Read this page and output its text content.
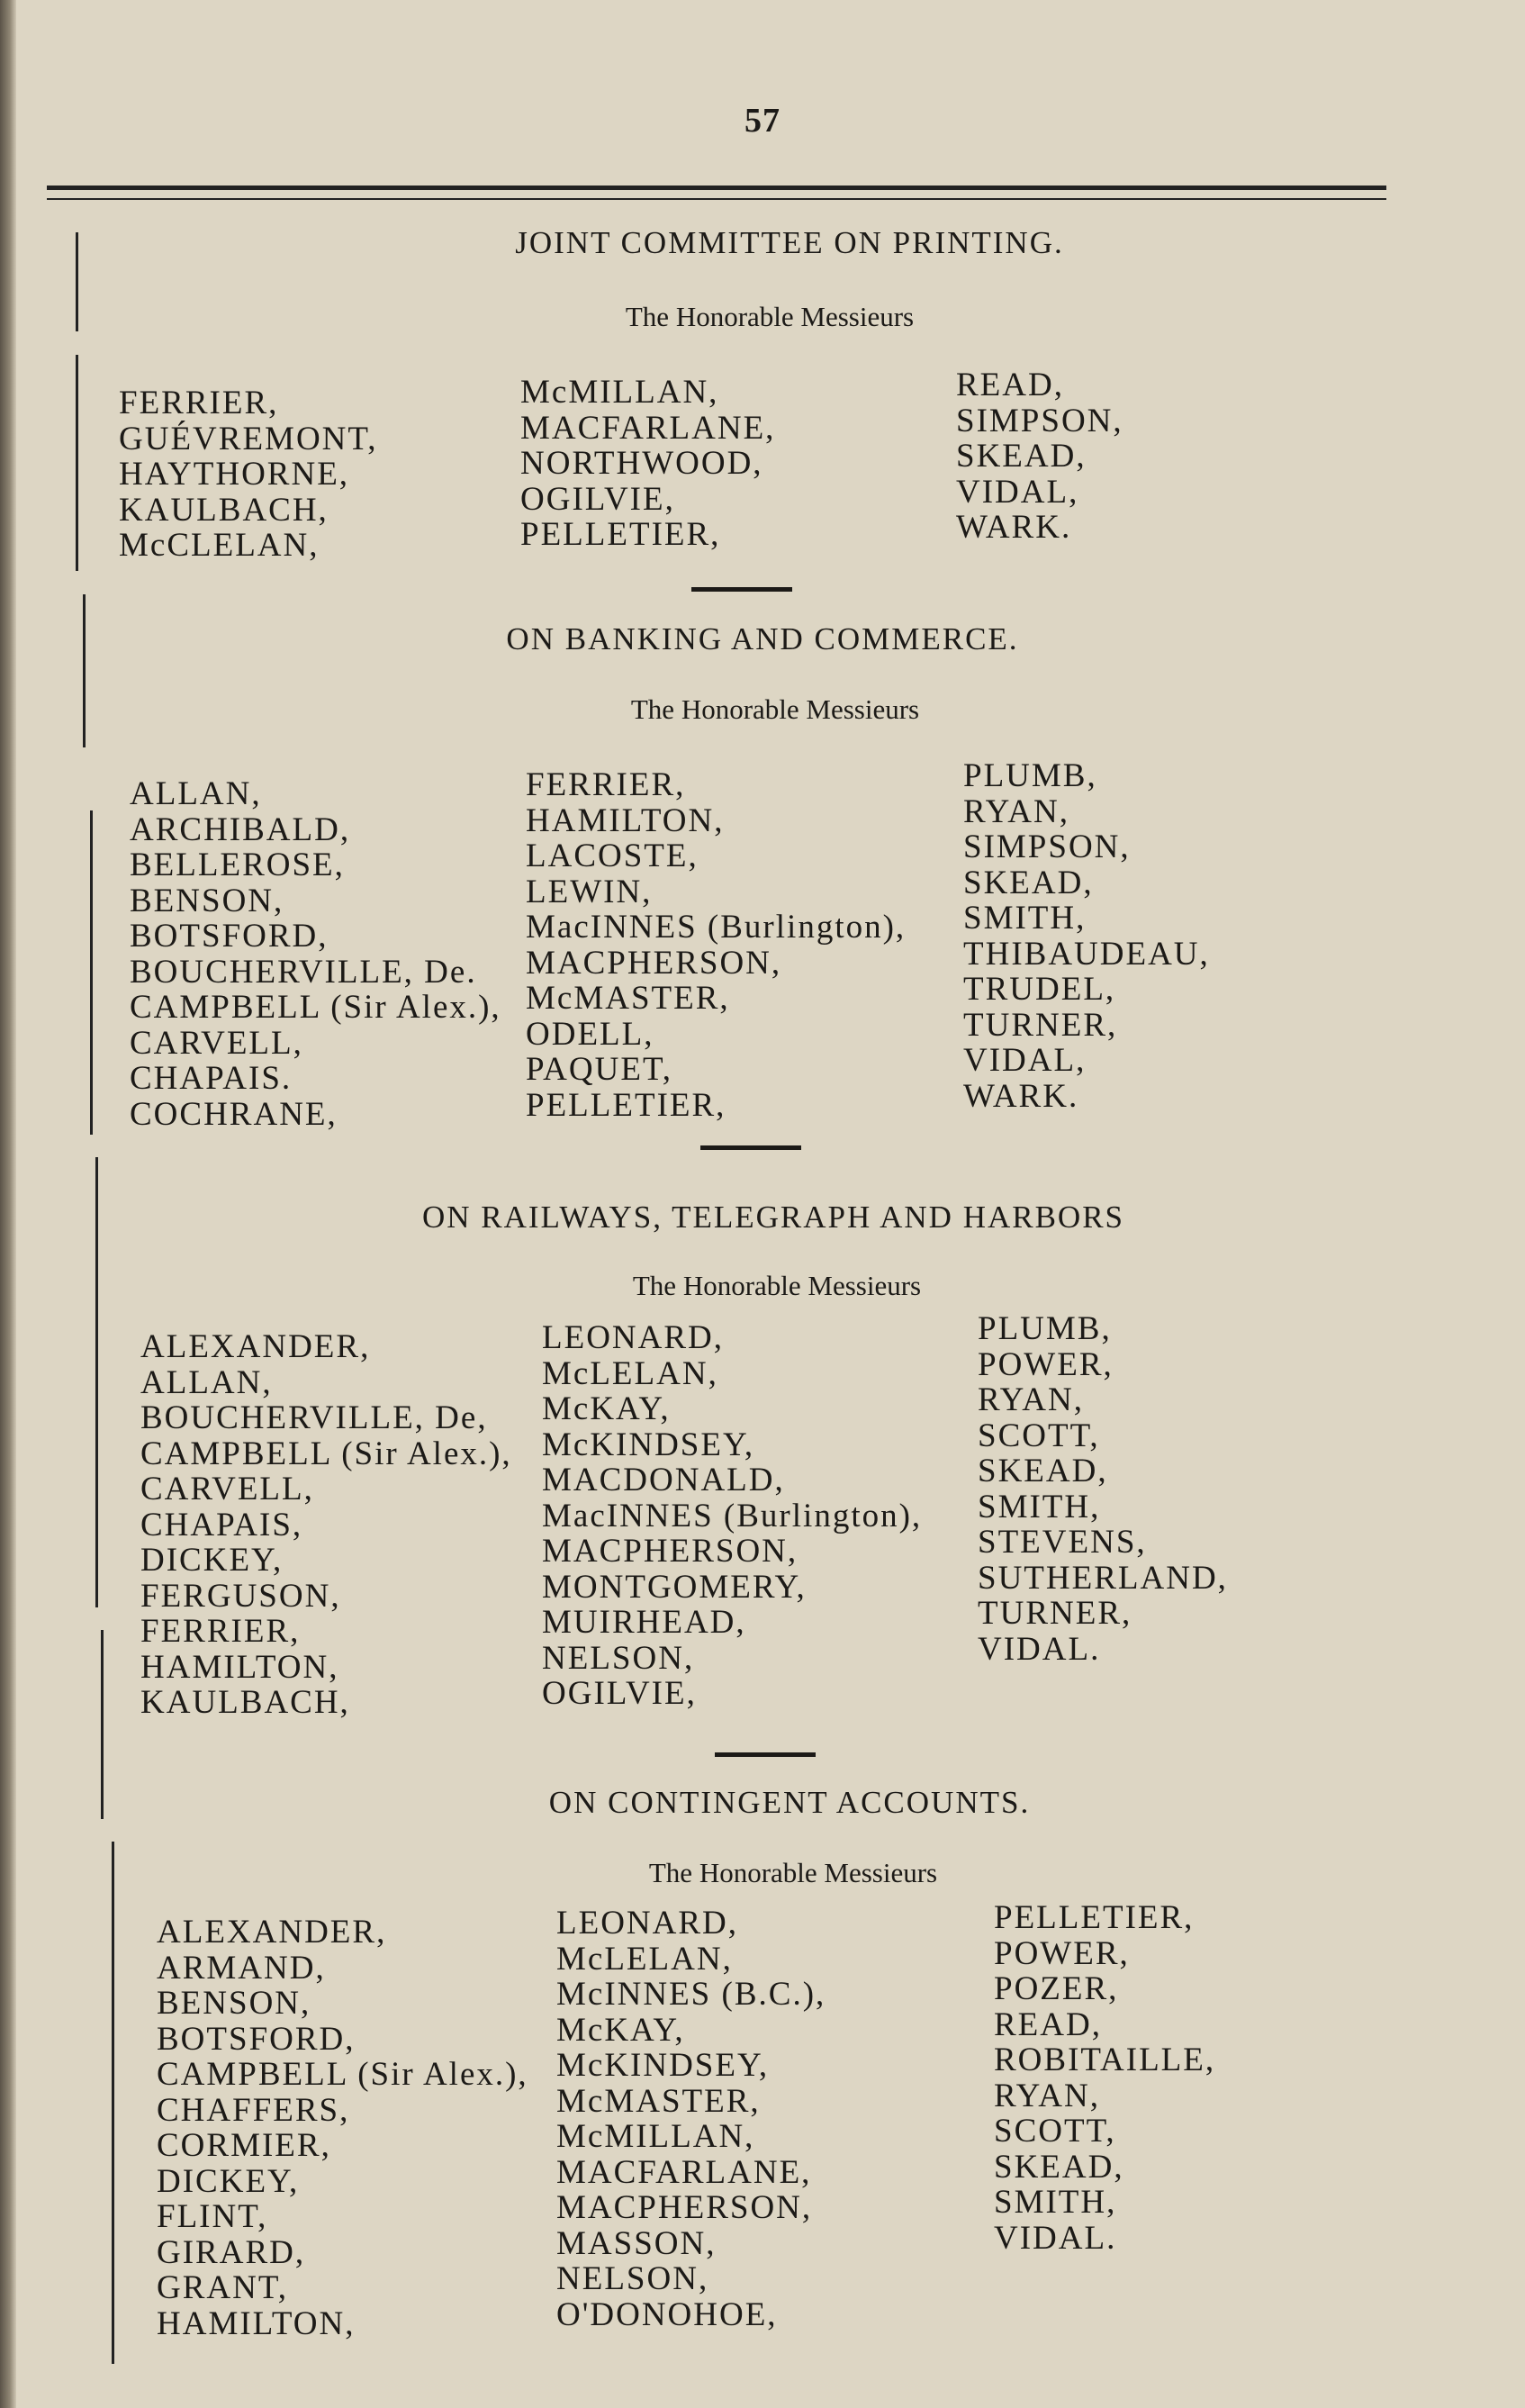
57
JOINT COMMITTEE ON PRINTING.
The Honorable Messieurs
FERRIER,
GUÉVREMONT,
HAYTHORNE,
KAULBACH,
McCLELAN,
McMILLAN,
MACFARLANE,
NORTHWOOD,
OGILVIE,
PELLETIER,
READ,
SIMPSON,
SKEAD,
VIDAL,
WARK.
ON BANKING AND COMMERCE.
The Honorable Messieurs
ALLAN,
ARCHIBALD,
BELLEROSE,
BENSON,
BOTSFORD,
BOUCHERVILLE, De.
CAMPBELL (Sir Alex.),
CARVELL,
CHAPAIS.
COCHRANE,
FERRIER,
HAMILTON,
LACOSTE,
LEWIN,
MacINNES (Burlington),
MACPHERSON,
McMASTER,
ODELL,
PAQUET,
PELLETIER,
PLUMB,
RYAN,
SIMPSON,
SKEAD,
SMITH,
THIBAUDEAU,
TRUDEL,
TURNER,
VIDAL,
WARK.
ON RAILWAYS, TELEGRAPH AND HARBORS
The Honorable Messieurs
ALEXANDER,
ALLAN,
BOUCHERVILLE, De,
CAMPBELL (Sir Alex.),
CARVELL,
CHAPAIS,
DICKEY,
FERGUSON,
FERRIER,
HAMILTON,
KAULBACH,
LEONARD,
McLELAN,
McKAY,
McKINDSEY,
MACDONALD,
MacINNES (Burlington),
MACPHERSON,
MONTGOMERY,
MUIRHEAD,
NELSON,
OGILVIE,
PLUMB,
POWER,
RYAN,
SCOTT,
SKEAD,
SMITH,
STEVENS,
SUTHERLAND,
TURNER,
VIDAL.
ON CONTINGENT ACCOUNTS.
The Honorable Messieurs
ALEXANDER,
ARMAND,
BENSON,
BOTSFORD,
CAMPBELL (Sir Alex.),
CHAFFERS,
CORMIER,
DICKEY,
FLINT,
GIRARD,
GRANT,
HAMILTON,
LEONARD,
McLELAN,
McINNES (B.C.),
McKAY,
McKINDSEY,
McMASTER,
McMILLAN,
MACFARLANE,
MACPHERSON,
MASSON,
NELSON,
O'DONOHOE,
PELLETIER,
POWER,
POZER,
READ,
ROBITAILLE,
RYAN,
SCOTT,
SKEAD,
SMITH,
VIDAL.
